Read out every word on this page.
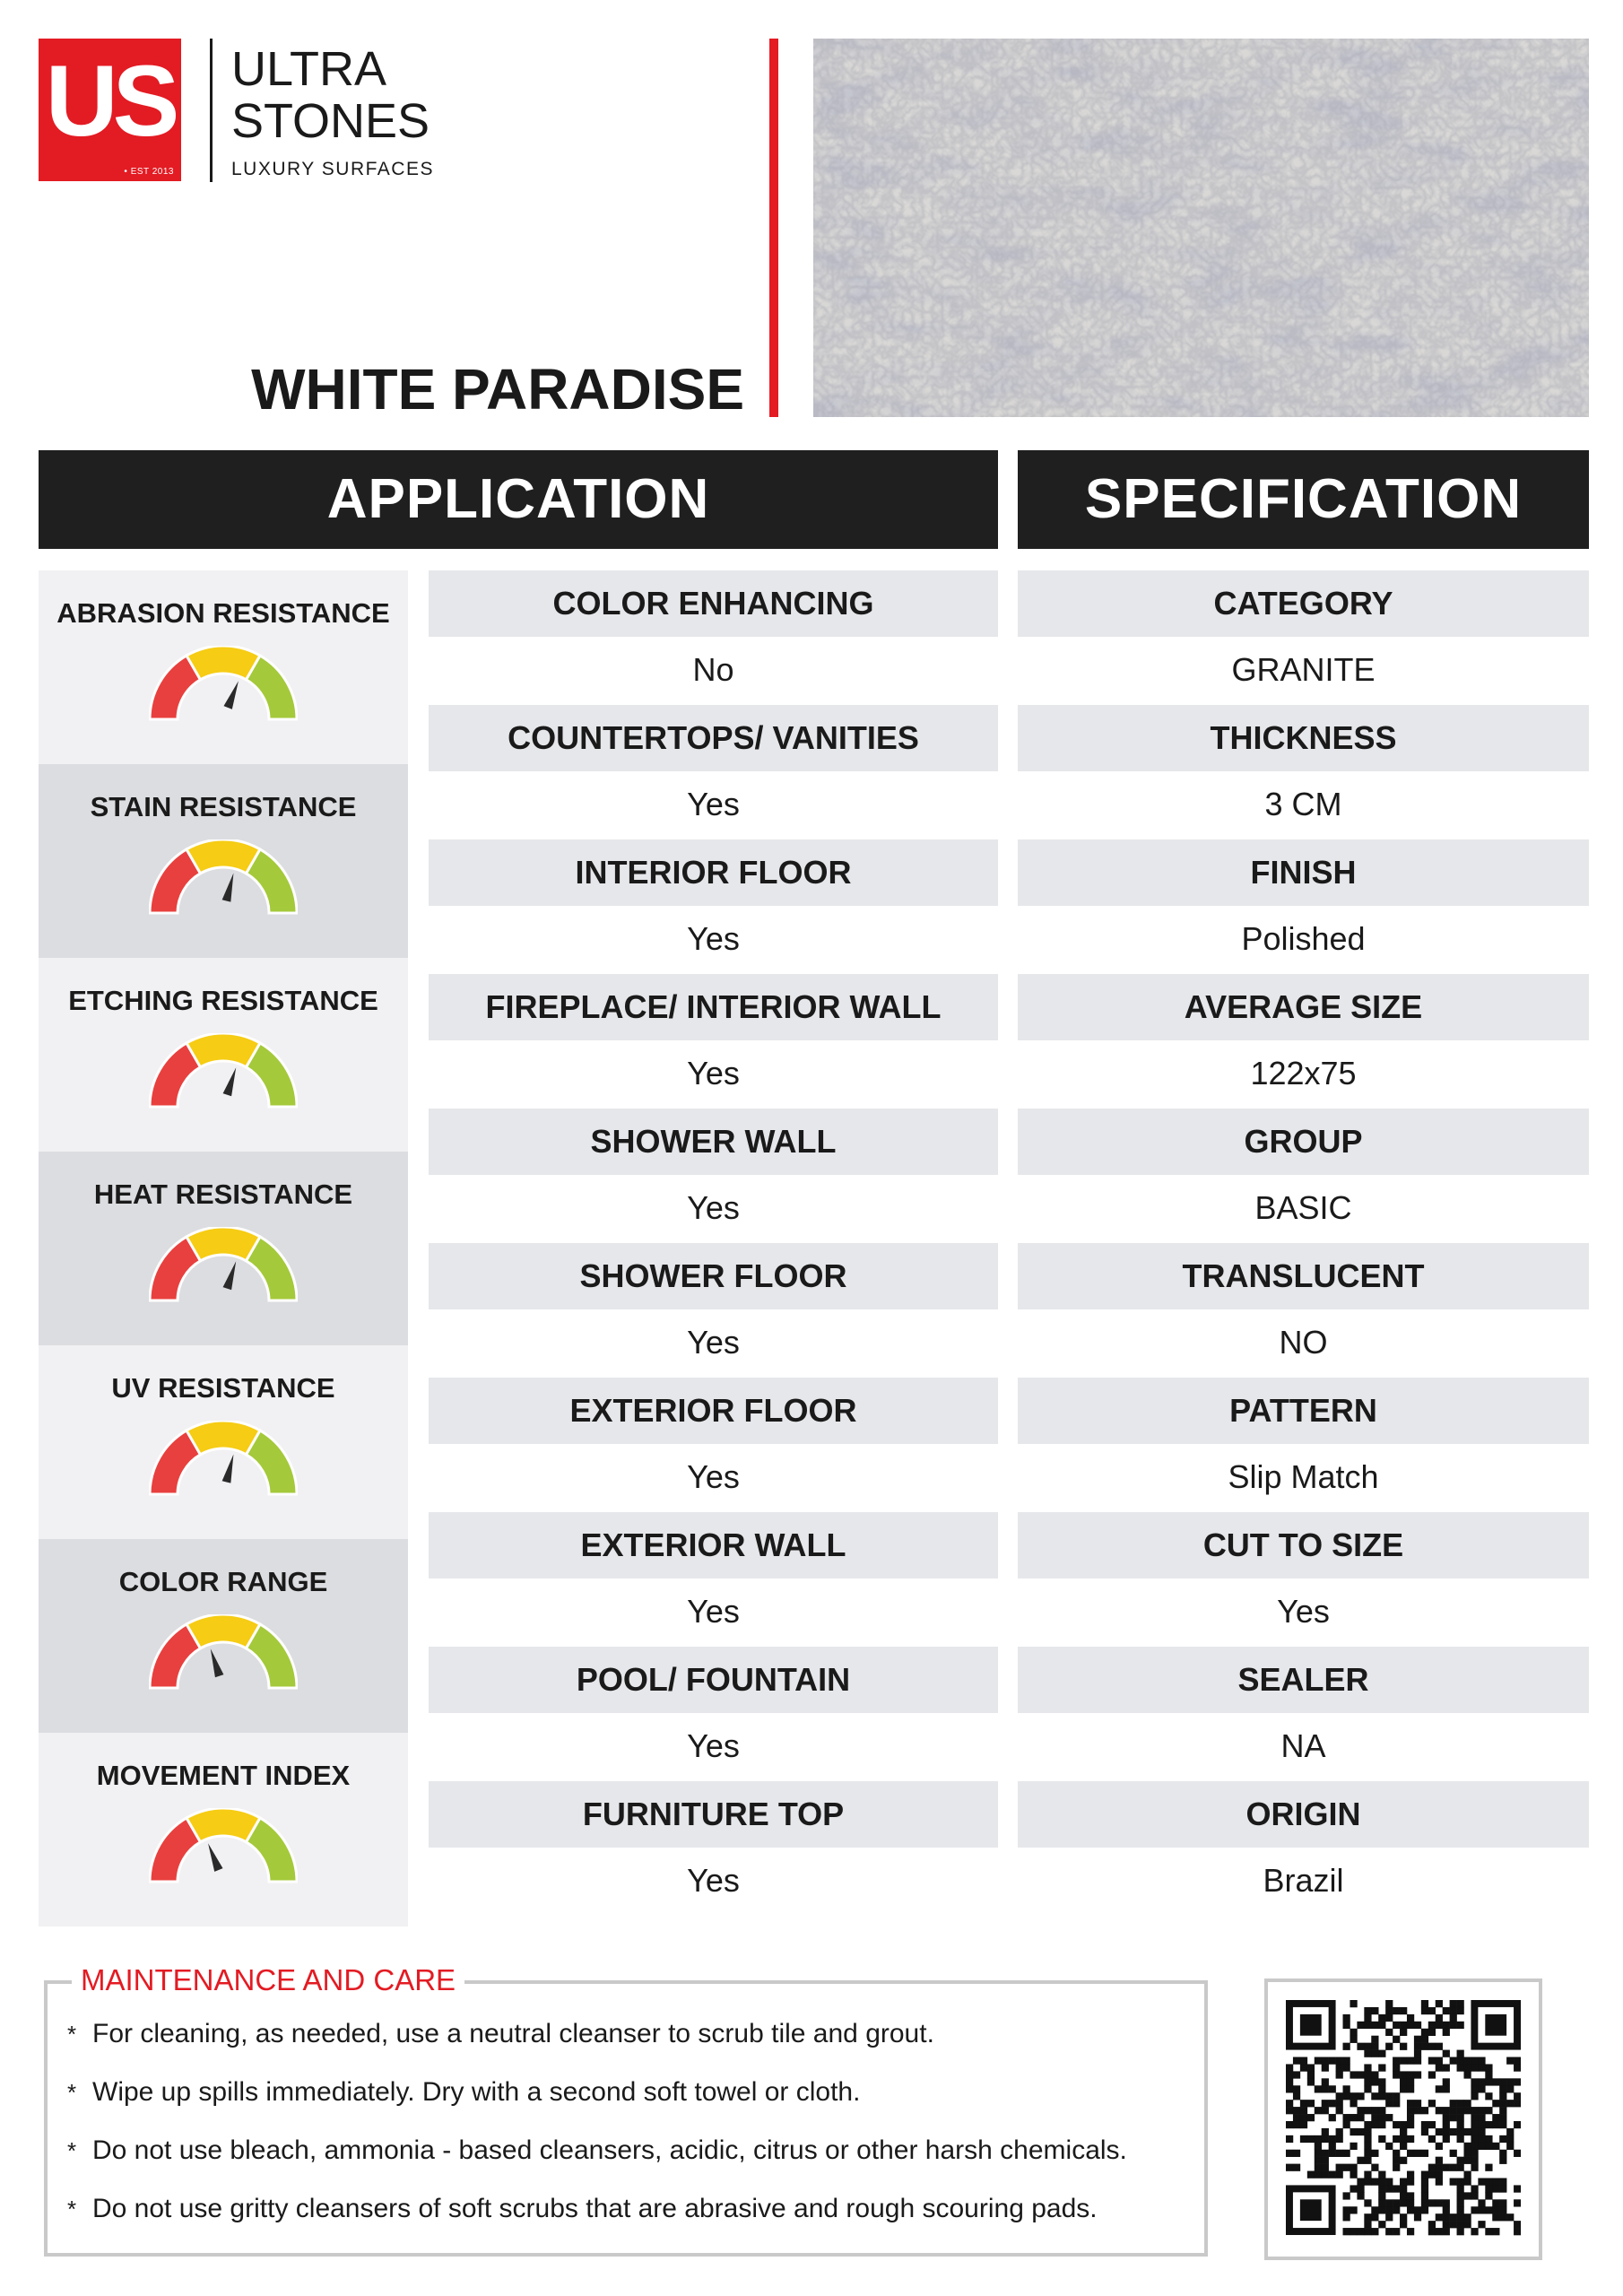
US
• EST 2013
ULTRA
STONES
LUXURY SURFACES
WHITE PARADISE
APPLICATION	SPECIFICATION
ABRASION RESISTANCE
STAIN RESISTANCE
ETCHING RESISTANCE
HEAT RESISTANCE
UV RESISTANCE
COLOR RANGE
MOVEMENT INDEX
COLOR ENHANCING
No
COUNTERTOPS/ VANITIES
Yes
INTERIOR FLOOR
Yes
FIREPLACE/ INTERIOR WALL
Yes
SHOWER WALL
Yes
SHOWER FLOOR
Yes
EXTERIOR FLOOR
Yes
EXTERIOR WALL
Yes
POOL/ FOUNTAIN
Yes
FURNITURE TOP
Yes
CATEGORY
GRANITE
THICKNESS
3 CM
FINISH
Polished
AVERAGE SIZE
122x75
GROUP
BASIC
TRANSLUCENT
NO
PATTERN
Slip Match
CUT TO SIZE
Yes
SEALER
NA
ORIGIN
Brazil
MAINTENANCE AND CARE
* For cleaning, as needed, use a neutral cleanser to scrub tile and grout.
* Wipe up spills immediately. Dry with a second soft towel or cloth.
* Do not use bleach, ammonia - based cleansers, acidic, citrus or other harsh chemicals.
* Do not use gritty cleansers of soft scrubs that are abrasive and rough scouring pads.
